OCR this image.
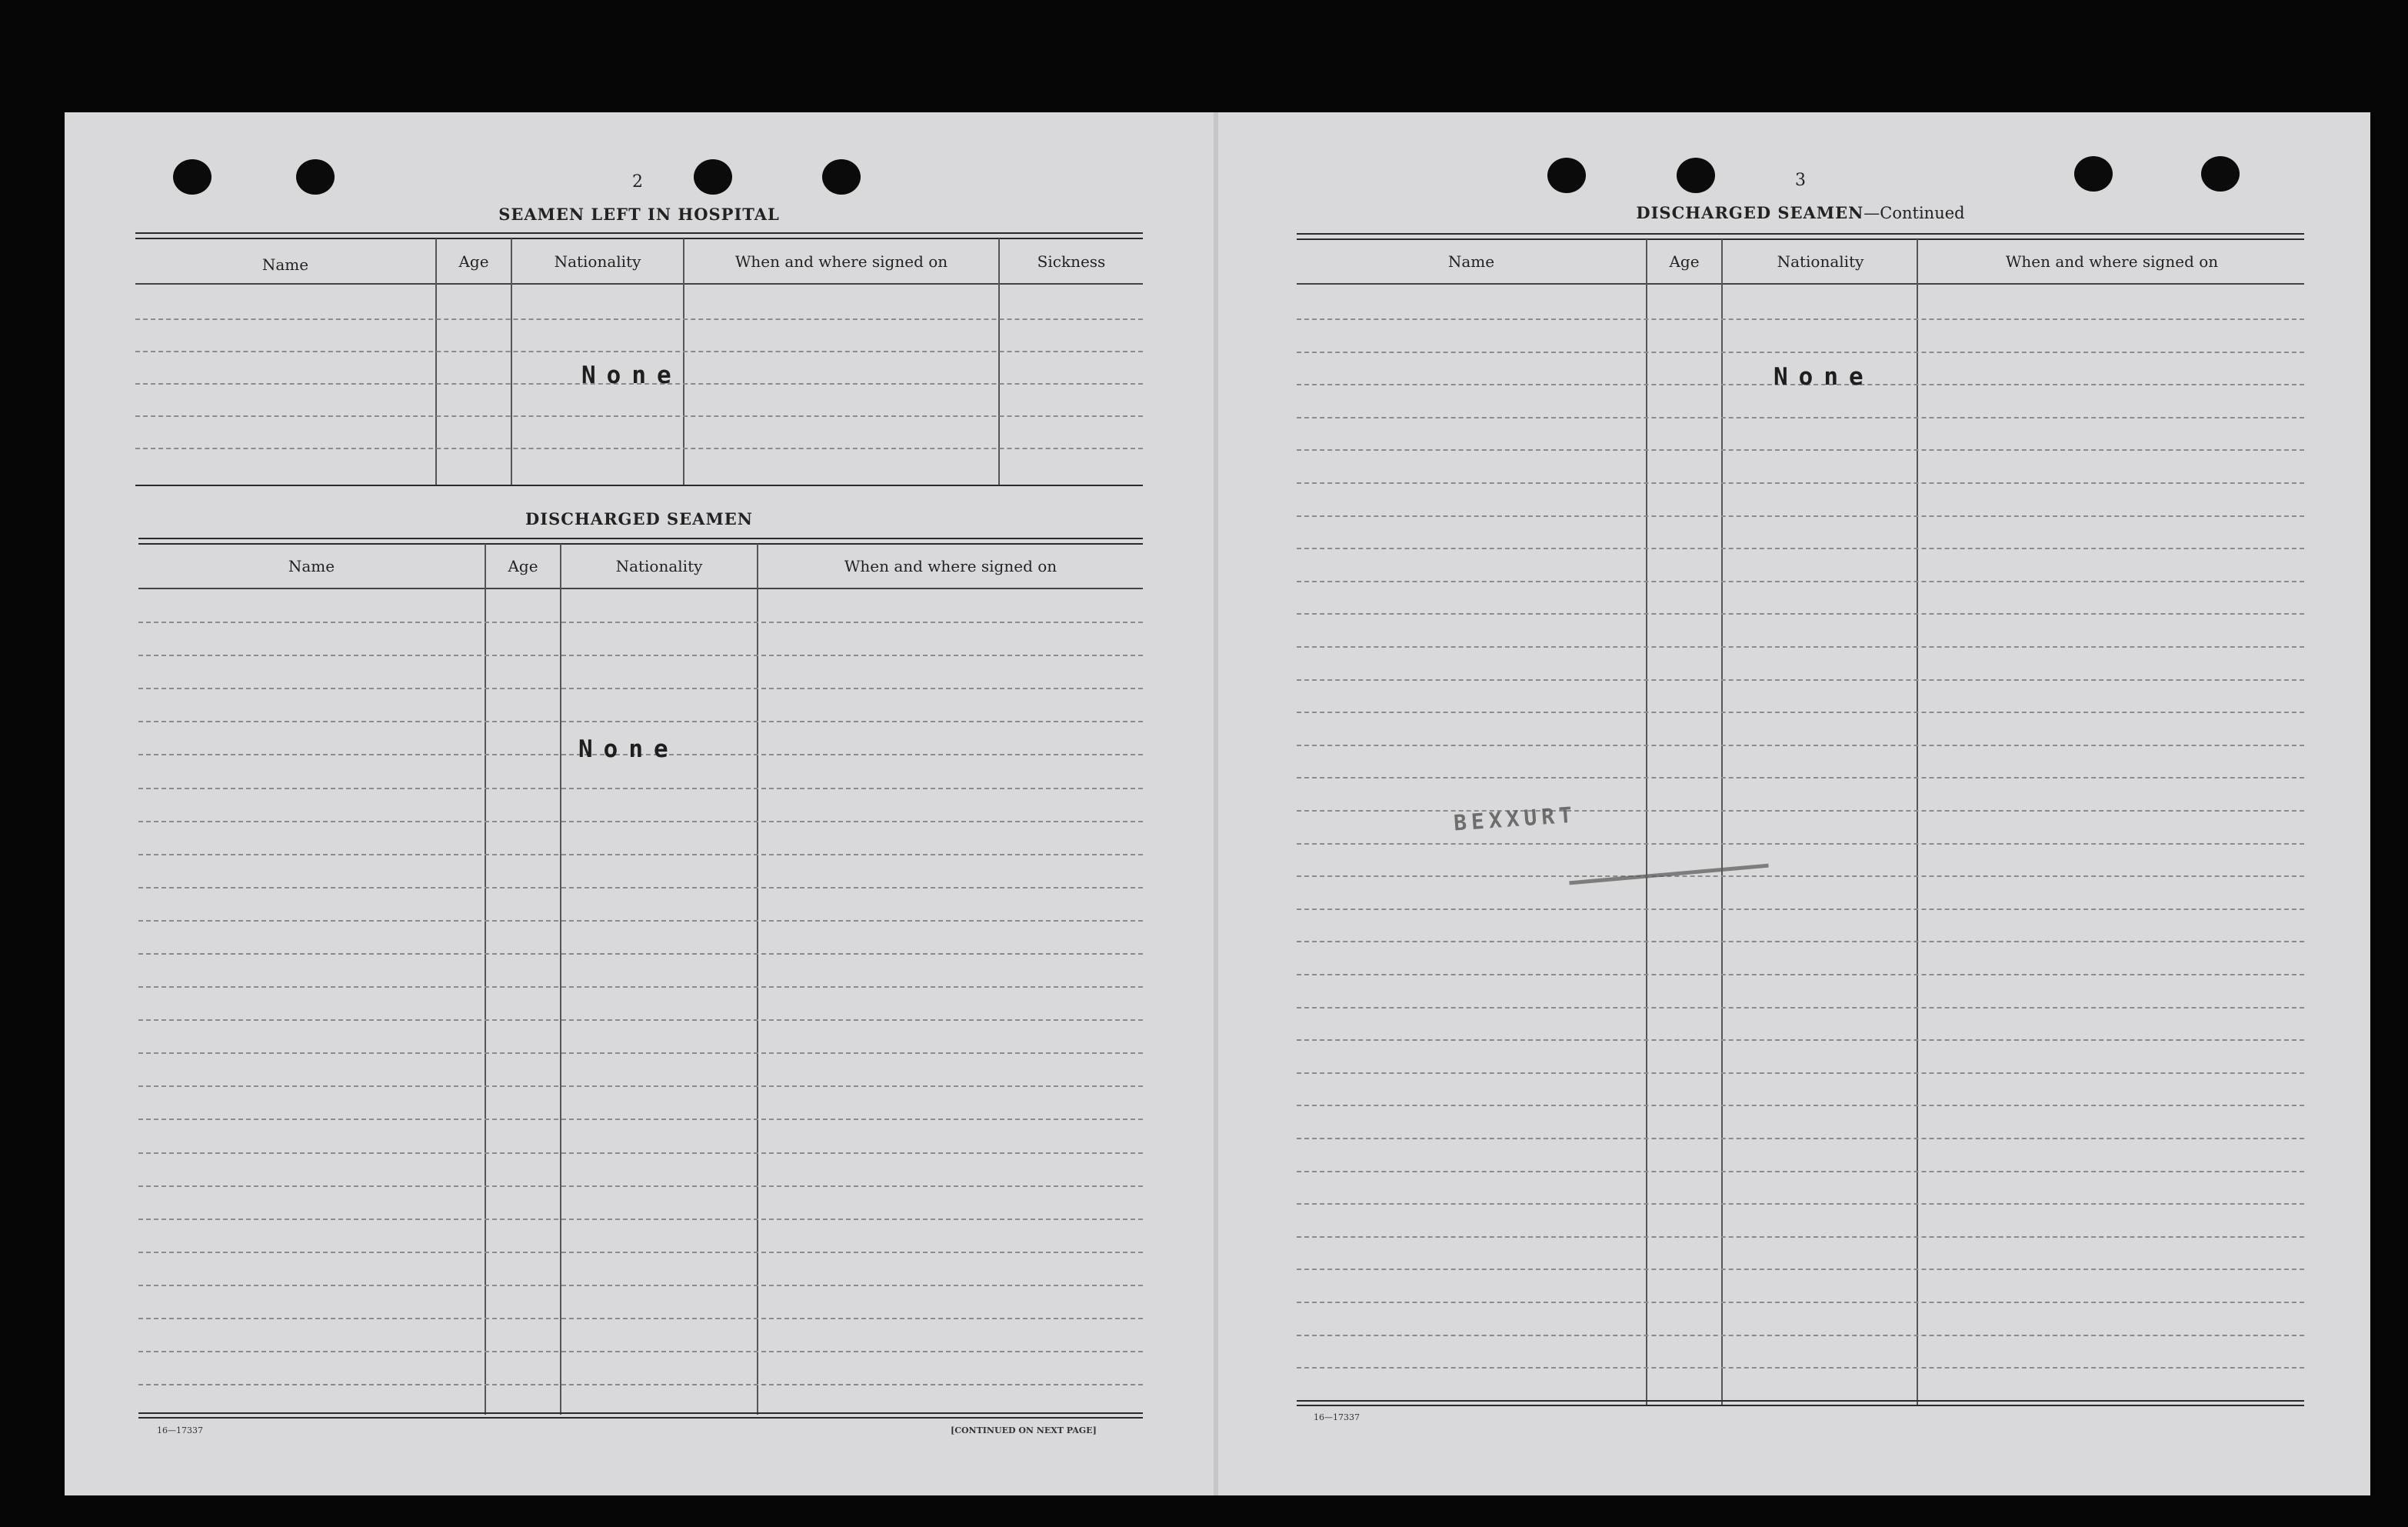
2
SEAMEN LEFT IN HOSPITAL
Name	Age	Nationality	When and where signed on	Sickness
None
DISCHARGED SEAMEN
Name	Age	Nationality	When and where signed on
None
16—17337	[CONTINUED ON NEXT PAGE]
3
DISCHARGED SEAMEN—Continued
Name	Age	Nationality	When and where signed on
None
BEXXURT
16—17337
